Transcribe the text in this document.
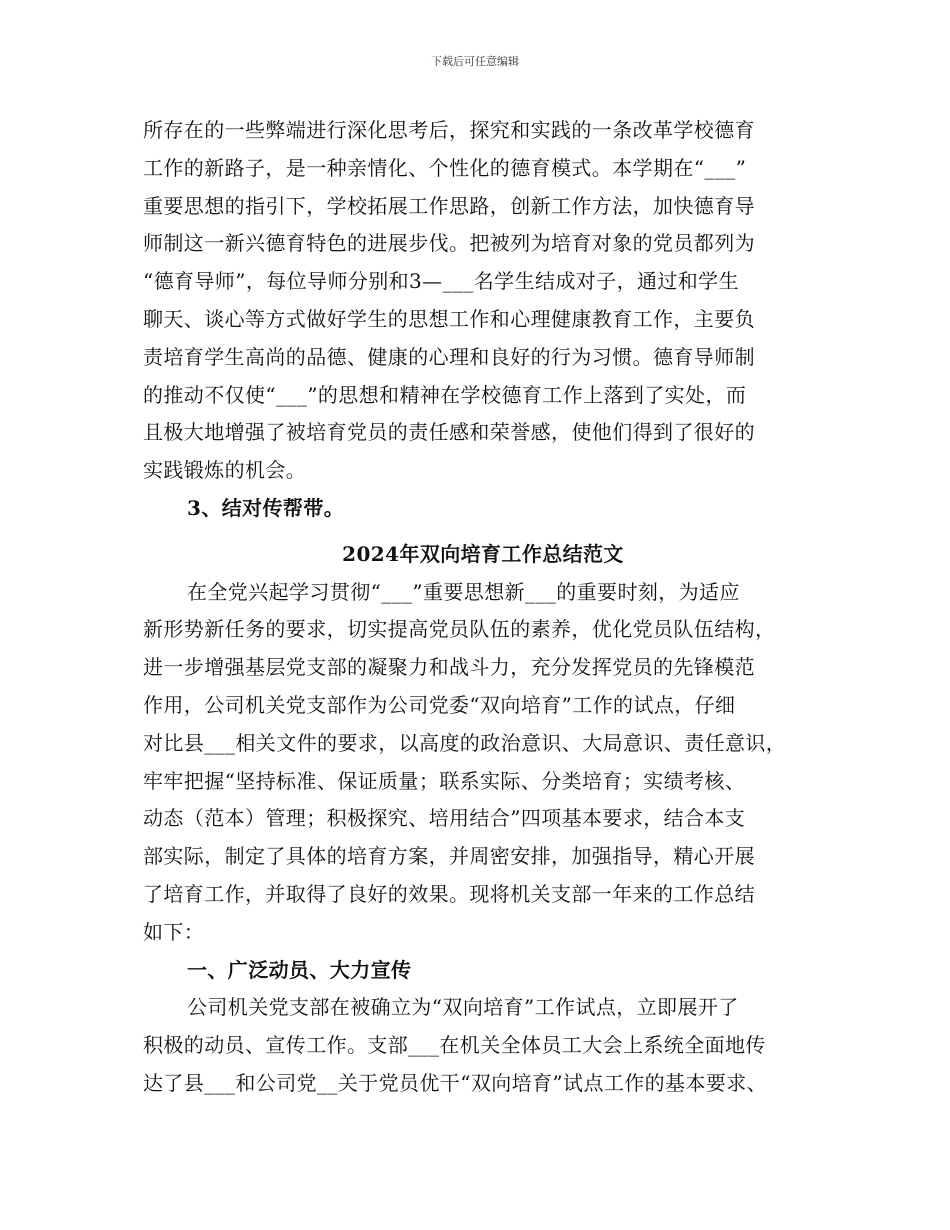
下载后可任意编辑
所存在的一些弊端进行深化思考后，探究和实践的一条改革学校德育
工作的新路子，是一种亲情化、个性化的德育模式。本学期在“___”
重要思想的指引下，学校拓展工作思路，创新工作方法，加快德育导
师制这一新兴德育特色的进展步伐。把被列为培育对象的党员都列为
“德育导师”，每位导师分别和3—___名学生结成对子，通过和学生
聊天、谈心等方式做好学生的思想工作和心理健康教育工作，主要负
责培育学生高尚的品德、健康的心理和良好的行为习惯。德育导师制
的推动不仅使“___”的思想和精神在学校德育工作上落到了实处，而
且极大地增强了被培育党员的责任感和荣誉感，使他们得到了很好的
实践锻炼的机会。
3、结对传帮带。
2024年双向培育工作总结范文
在全党兴起学习贯彻“___”重要思想新___的重要时刻，为适应
新形势新任务的要求，切实提高党员队伍的素养，优化党员队伍结构，
进一步增强基层党支部的凝聚力和战斗力，充分发挥党员的先锋模范
作用，公司机关党支部作为公司党委“双向培育”工作的试点，仔细
对比县___相关文件的要求，以高度的政治意识、大局意识、责任意识，
牢牢把握“坚持标准、保证质量；联系实际、分类培育；实绩考核、
动态（范本）管理；积极探究、培用结合”四项基本要求，结合本支
部实际，制定了具体的培育方案，并周密安排，加强指导，精心开展
了培育工作，并取得了良好的效果。现将机关支部一年来的工作总结
如下：
一、广泛动员、大力宣传
公司机关党支部在被确立为“双向培育”工作试点，立即展开了
积极的动员、宣传工作。支部___在机关全体员工大会上系统全面地传
达了县___和公司党__关于党员优干“双向培育”试点工作的基本要求、
